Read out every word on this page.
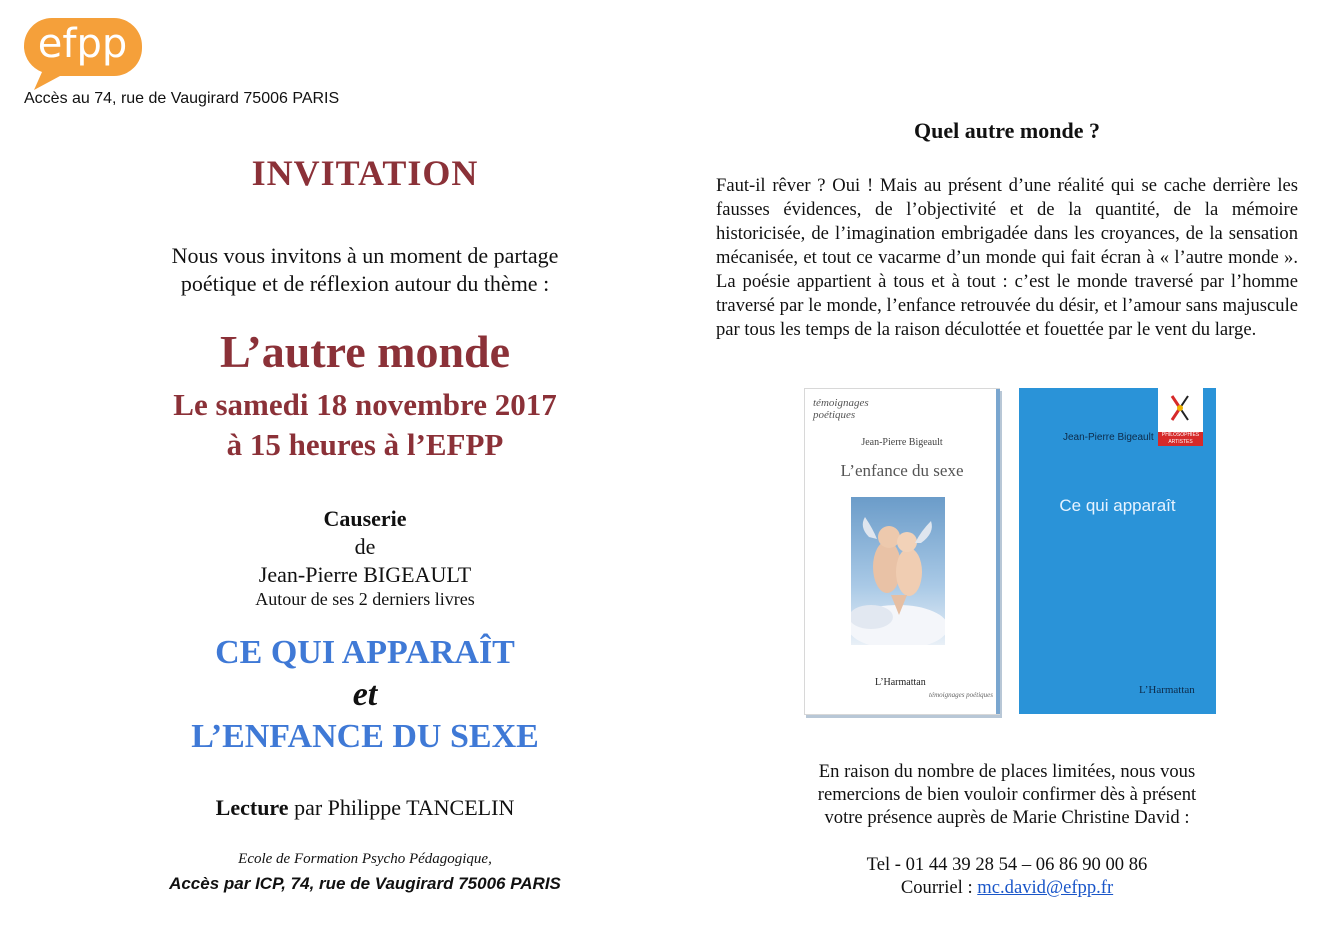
efpp
Accès au 74, rue de Vaugirard 75006 PARIS
INVITATION
Nous vous invitons à un moment de partage
poétique et de réflexion autour du thème :
L’autre monde
Le samedi 18 novembre 2017
à 15 heures à l’EFPP
Causerie
de
Jean-Pierre BIGEAULT
Autour de ses 2 derniers livres
CE QUI APPARAÎT
et
L’ENFANCE DU SEXE
Lecture par Philippe TANCELIN
Ecole de Formation Psycho Pédagogique,
Accès par ICP, 74, rue de Vaugirard 75006 PARIS
Quel autre monde ?
Faut-il rêver ? Oui ! Mais au présent d’une réalité qui se cache derrière les fausses évidences, de l’objectivité et de la quantité, de la mémoire historicisée, de l’imagination embrigadée dans les croyances, de la sensation mécanisée, et tout ce vacarme d’un monde qui fait écran à « l’autre monde ». La poésie appartient à tous et à tout : c’est le monde traversé par l’homme traversé par le monde, l’enfance retrouvée du désir, et l’amour sans majuscule par tous les temps de la raison déculottée et fouettée par le vent du large.
témoignages poétiques
Jean-Pierre Bigeault
L’enfance du sexe
L’Harmattan
témoignages poétiques
PHILOSOPHIES ARTISTES
Jean-Pierre Bigeault
Ce qui apparaît
L’Harmattan
En raison du nombre de places limitées, nous vous
remercions de bien vouloir confirmer dès à présent
votre présence auprès de Marie Christine David :
Tel - 01 44 39 28 54 – 06 86 90 00 86
Courriel : mc.david@efpp.fr
